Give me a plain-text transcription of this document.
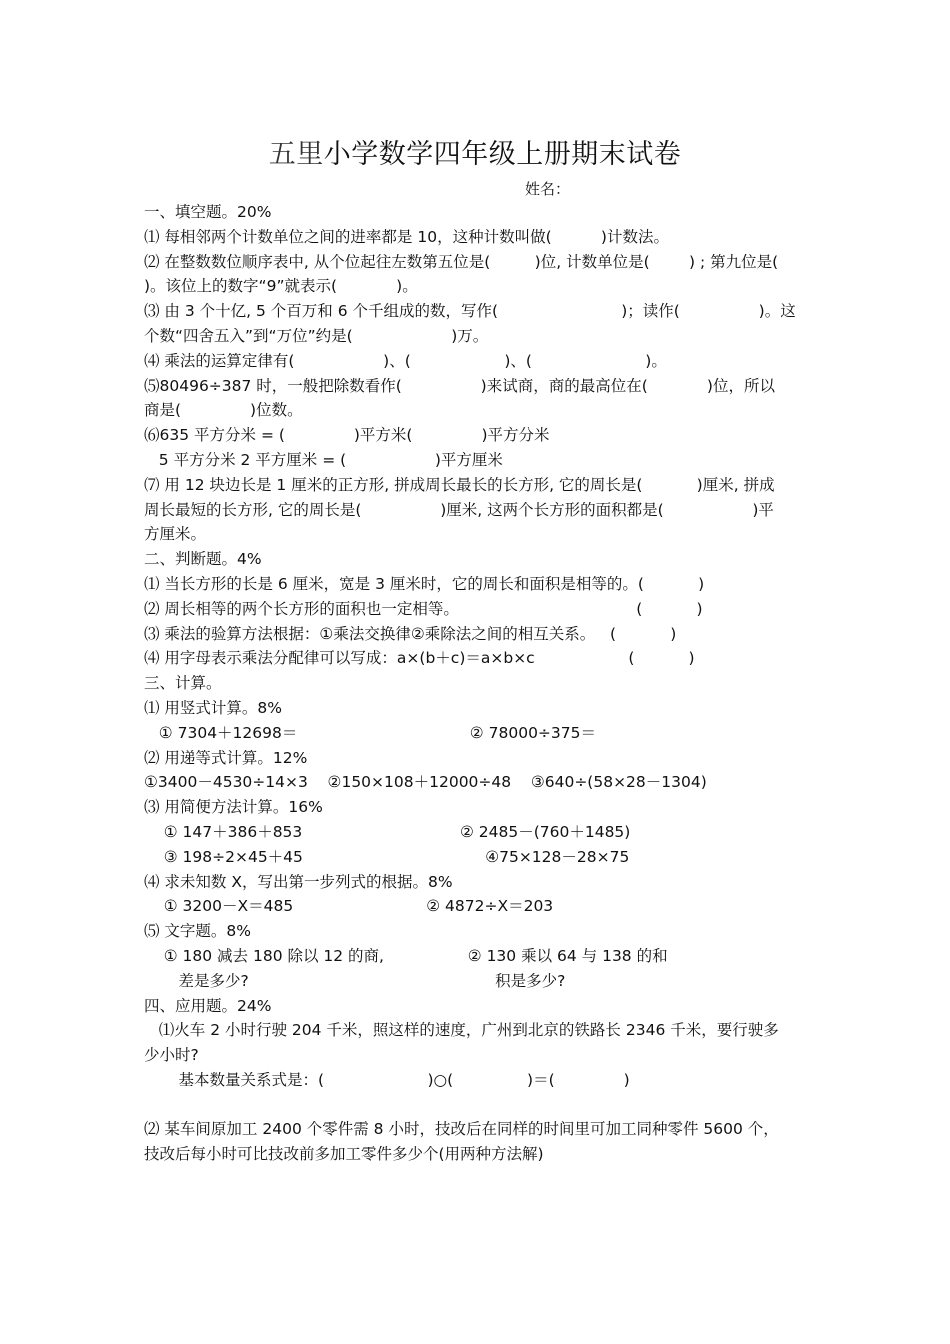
五里小学数学四年级上册期末试卷
姓名：

一、填空题。20%

⑴ 每相邻两个计数单位之间的进率都是 10，这种计数叫做(          )计数法。

⑵ 在整数数位顺序表中, 从个位起往左数第五位是(         )位, 计数单位是(        ) ; 第九位是(

)。该位上的数字“9”就表示(            )。

⑶ 由 3 个十亿, 5 个百万和 6 个千组成的数，写作(                         )；读作(                )。这

个数“四舍五入”到“万位”约是(                    )万。

⑷ 乘法的运算定律有(                  )、(                   )、(                       )。

⑸80496÷387 时，一般把除数看作(                )来试商，商的最高位在(            )位，所以

商是(              )位数。

⑹635 平方分米 = (              )平方米(              )平方分米

5 平方分米 2 平方厘米 = (                  )平方厘米

⑺ 用 12 块边长是 1 厘米的正方形, 拼成周长最长的长方形, 它的周长是(           )厘米, 拼成

周长最短的长方形, 它的周长是(                )厘米, 这两个长方形的面积都是(                  )平

方厘米。

二、判断题。4%

⑴ 当长方形的长是 6 厘米，宽是 3 厘米时，它的周长和面积是相等的。(           )

⑵ 周长相等的两个长方形的面积也一定相等。                                    (           )

⑶ 乘法的验算方法根据：①乘法交换律②乘除法之间的相互关系。   (           )

⑷ 用字母表示乘法分配律可以写成：a×(b＋c)＝a×b×c                   (           )

三、计算。

⑴ 用竖式计算。8%

① 7304＋12698＝                                   ② 78000÷375＝

⑵ 用递等式计算。12%

①3400－4530÷14×3    ②150×108＋12000÷48    ③640÷(58×28－1304)

⑶ 用简便方法计算。16%

① 147＋386＋853                                ② 2485－(760＋1485)

③ 198÷2×45＋45                                     ④75×128－28×75

⑷ 求未知数 X，写出第一步列式的根据。8%

① 3200－X＝485                           ② 4872÷X＝203

⑸ 文字题。8%

① 180 减去 180 除以 12 的商,                 ② 130 乘以 64 与 138 的和

差是多少?                                                  积是多少?

四、应用题。24%

⑴火车 2 小时行驶 204 千米，照这样的速度，广州到北京的铁路长 2346 千米，要行驶多

少小时?

基本数量关系式是：(                     )○(               )＝(              )

⑵ 某车间原加工 2400 个零件需 8 小时，技改后在同样的时间里可加工同种零件 5600 个，

技改后每小时可比技改前多加工零件多少个(用两种方法解)
